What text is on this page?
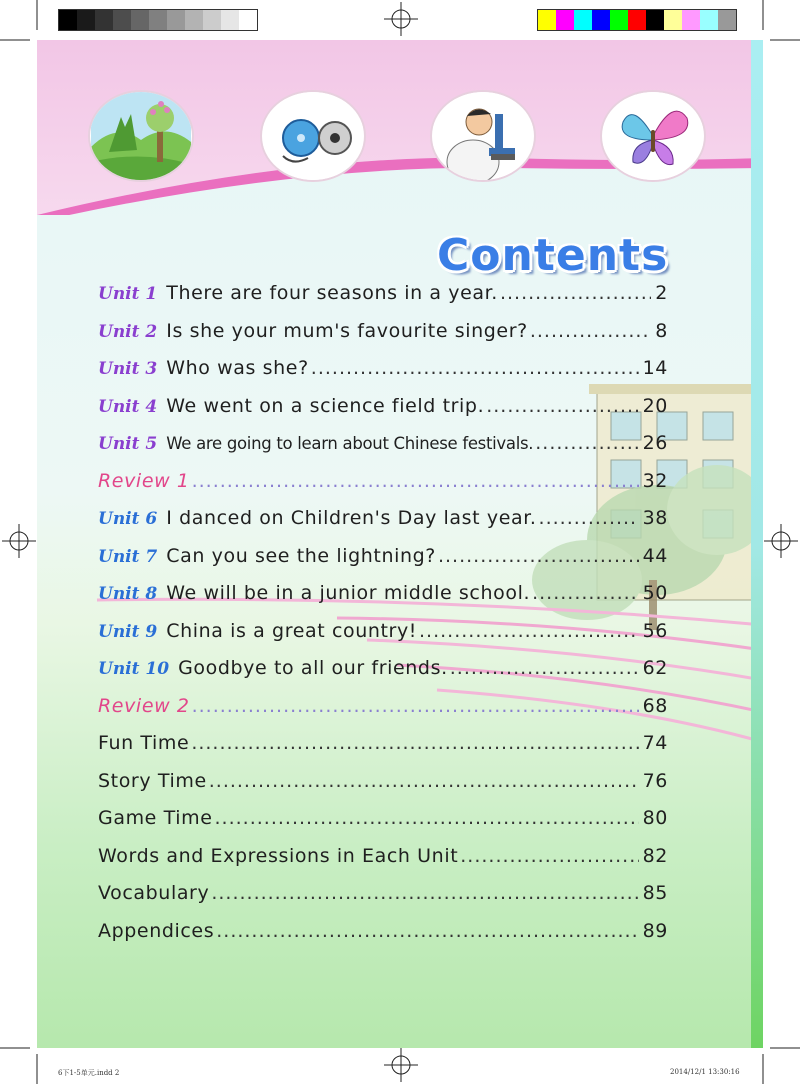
Contents
Unit 1 There are four seasons in a year. .....	2
Unit 2 Is she your mum's favourite singer? .....	8
Unit 3 Who was she? .....	14
Unit 4 We went on a science field trip. .....	20
Unit 5 We are going to learn about Chinese festivals. .....	26
Review 1 .....	32
Unit 6 I danced on Children's Day last year. .....	38
Unit 7 Can you see the lightning? .....	44
Unit 8 We will be in a junior middle school. .....	50
Unit 9 China is a great country! .....	56
Unit 10 Goodbye to all our friends. .....	62
Review 2 .....	68
Fun Time .....	74
Story Time .....	76
Game Time .....	80
Words and Expressions in Each Unit .....	82
Vocabulary .....	85
Appendices .....	89
6下1-5单元.indd 2	2014/12/1 13:30:16
